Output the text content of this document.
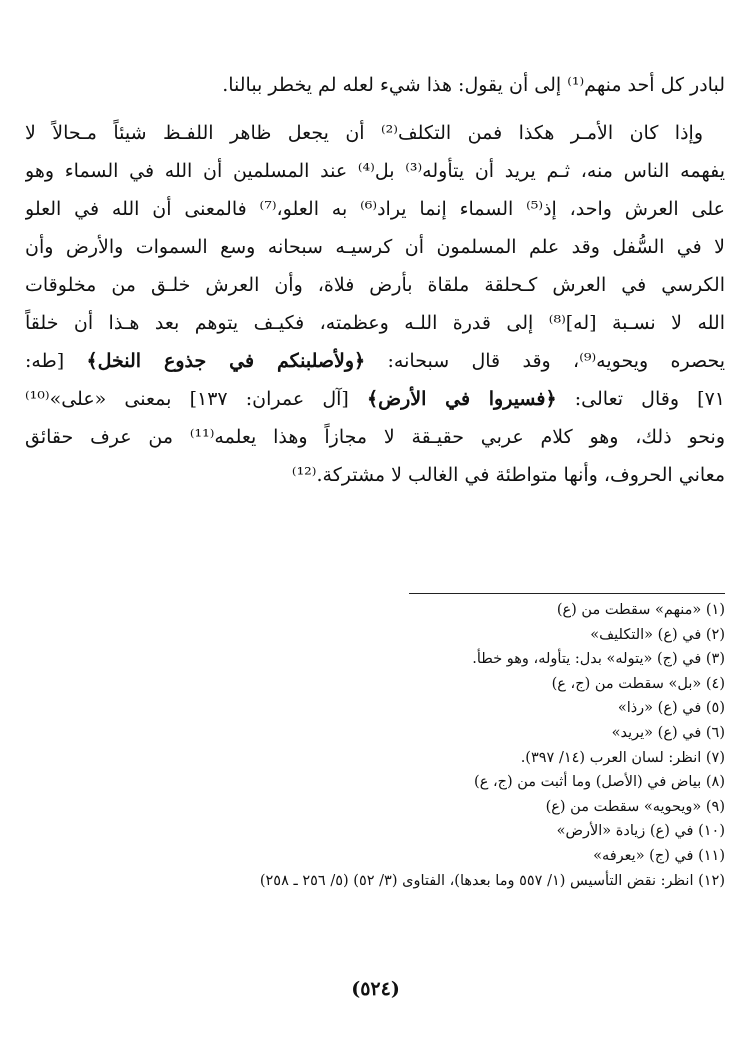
لبادر كل أحد منهم⁽¹⁾ إلى أن يقول: هذا شيء لعله لم يخطر ببالنا.
وإذا كان الأمـر هكذا فمن التكلف⁽²⁾ أن يجعل ظاهر اللفـظ شيئاً مـحالاً لا
يفهمه الناس منه، ثـم يريد أن يتأوله⁽³⁾ بل⁽⁴⁾ عند المسلمين أن الله في السماء وهو
على العرش واحد، إذ⁽⁵⁾ السماء إنما يراد⁽⁶⁾ به العلو،⁽⁷⁾ فالمعنى أن الله في العلو
لا في السُّفل وقد علم المسلمون أن كرسيـه سبحانه وسع السموات والأرض وأن
الكرسي في العرش كـحلقة ملقاة بأرض فلاة، وأن العرش خلـق من مخلوقات
الله لا نسـبة [له]⁽⁸⁾ إلى قدرة اللـه وعظمته، فكيـف يتوهم بعد هـذا أن خلقاً
يحصره ويحويه⁽⁹⁾، وقد قال سبحانه: ﴿ولأصلبنكم في جذوع النخل﴾ [طه:
٧١] وقال تعالى: ﴿فسيروا في الأرض﴾ [آل عمران: ١٣٧] بمعنى «على»⁽¹⁰⁾
ونحو ذلك، وهو كلام عربي حقيـقة لا مجازاً وهذا يعلمه⁽¹¹⁾ من عرف حقائق
معاني الحروف، وأنها متواطئة في الغالب لا مشتركة.⁽¹²⁾
(١) «منهم» سقطت من (ع)
(٢) في (ع) «التكليف»
(٣) في (ج) «يتوله» بدل: يتأوله، وهو خطأ.
(٤) «بل» سقطت من (ج، ع)
(٥) في (ع) «رذا»
(٦) في (ع) «يريد»
(٧) انظر: لسان العرب (١٤/ ٣٩٧).
(٨) بياض في (الأصل) وما أثبت من (ج، ع)
(٩) «ويحويه» سقطت من (ع)
(١٠) في (ع) زيادة «الأرض»
(١١) في (ج) «يعرفه»
(١٢) انظر: نقض التأسيس (١/ ٥٥٧ وما بعدها)، الفتاوى (٣/ ٥٢) (٥/ ٢٥٦ ـ ٢٥٨)
(٥٢٤)
